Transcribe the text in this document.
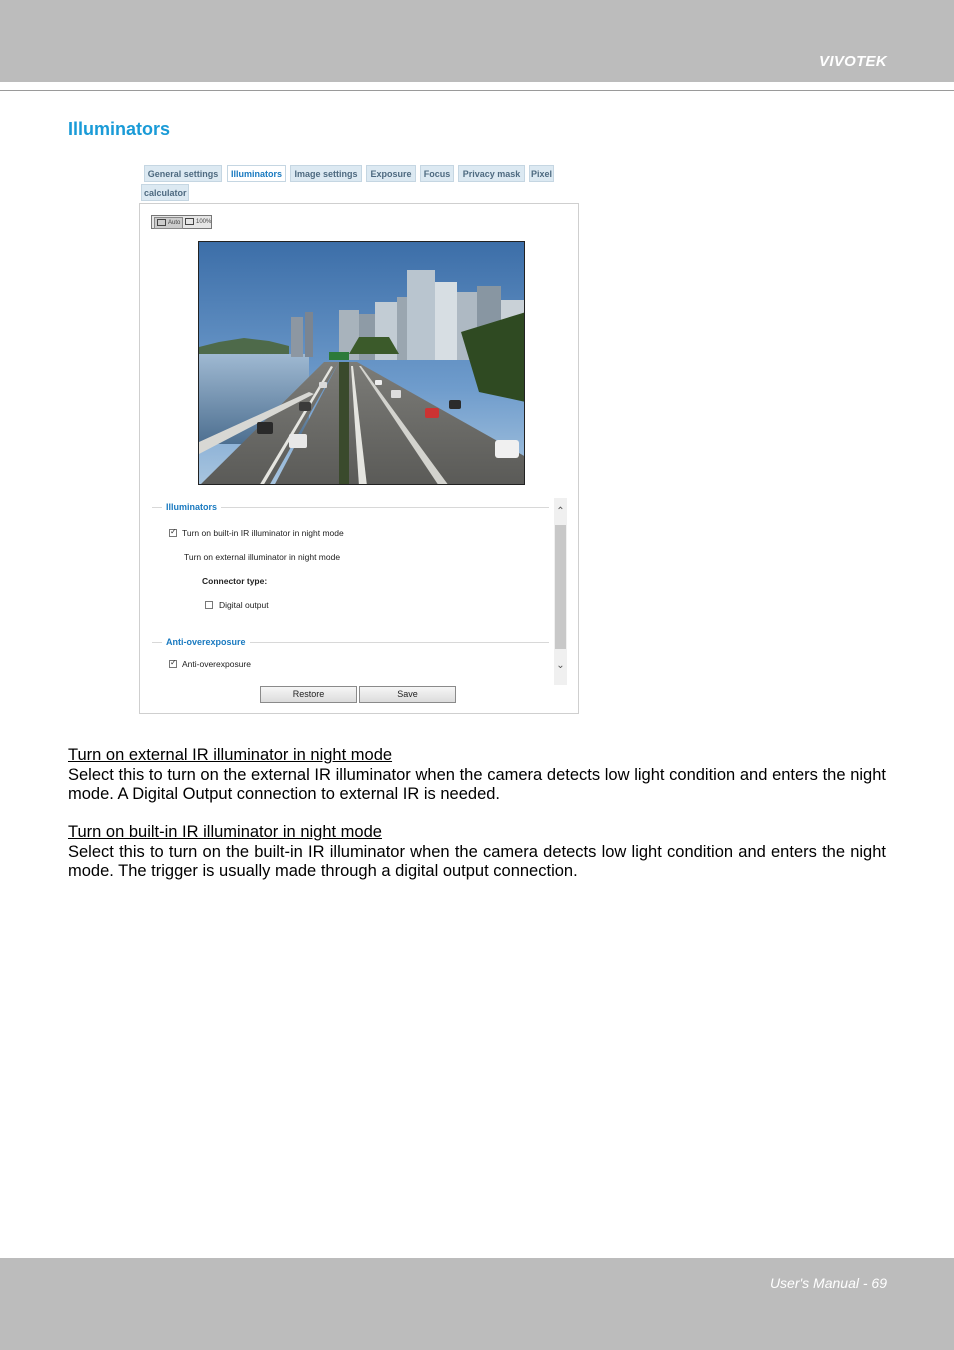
VIVOTEK
Illuminators
General settings	Illuminators	Image settings	Exposure	Focus	Privacy mask	Pixel
calculator
Auto	100%
Illuminators
✓
Turn on built-in IR illuminator in night mode
Turn on external illuminator in night mode
Connector type:
Digital output
Anti-overexposure
✓
Anti-overexposure
⌃
⌄
Restore	Save
Turn on external IR illuminator in night mode

Select this to turn on the external IR illuminator when the camera detects low light condition and enters the night mode. A Digital Output connection to external IR is needed.

Turn on built-in IR illuminator in night mode

Select this to turn on the built-in IR illuminator when the camera detects low light condition and enters the night mode. The trigger is usually made through a digital output connection.

User's Manual - 69
